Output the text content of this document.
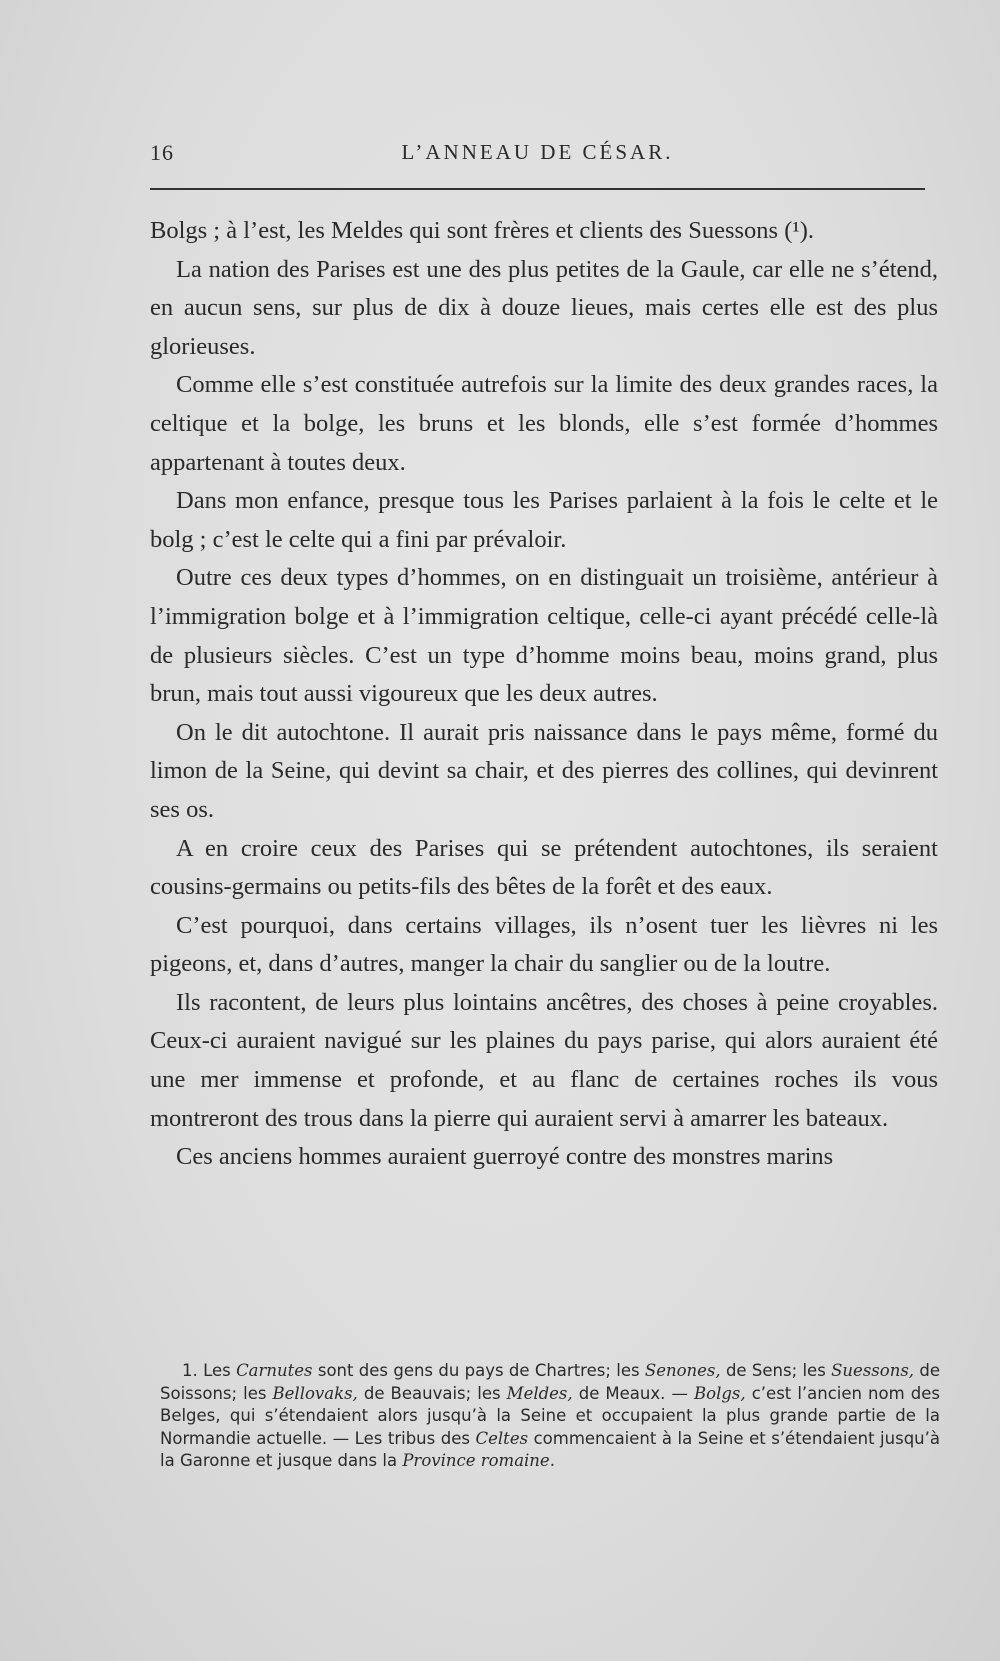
16	L’ANNEAU DE CÉSAR.

Bolgs ; à l’est, les Meldes qui sont frères et clients des Suessons (¹).

La nation des Parises est une des plus petites de la Gaule, car elle ne s’étend, en aucun sens, sur plus de dix à douze lieues, mais certes elle est des plus glorieuses.

Comme elle s’est constituée autrefois sur la limite des deux grandes races, la celtique et la bolge, les bruns et les blonds, elle s’est formée d’hommes appartenant à toutes deux.

Dans mon enfance, presque tous les Parises parlaient à la fois le celte et le bolg ; c’est le celte qui a fini par prévaloir.

Outre ces deux types d’hommes, on en distinguait un troisième, antérieur à l’immigration bolge et à l’immigration celtique, celle-ci ayant précédé celle-là de plusieurs siècles. C’est un type d’homme moins beau, moins grand, plus brun, mais tout aussi vigoureux que les deux autres.

On le dit autochtone. Il aurait pris naissance dans le pays même, formé du limon de la Seine, qui devint sa chair, et des pierres des collines, qui devinrent ses os.

A en croire ceux des Parises qui se prétendent autochtones, ils seraient cousins-germains ou petits-fils des bêtes de la forêt et des eaux.

C’est pourquoi, dans certains villages, ils n’osent tuer les lièvres ni les pigeons, et, dans d’autres, manger la chair du sanglier ou de la loutre.

Ils racontent, de leurs plus lointains ancêtres, des choses à peine croyables. Ceux-ci auraient navigué sur les plaines du pays parise, qui alors auraient été une mer immense et profonde, et au flanc de certaines roches ils vous montreront des trous dans la pierre qui auraient servi à amarrer les bateaux.

Ces anciens hommes auraient guerroyé contre des monstres marins

1. Les Carnutes sont des gens du pays de Chartres; les Senones, de Sens; les Suessons, de Soissons; les Bellovaks, de Beauvais; les Meldes, de Meaux. — Bolgs, c’est l’ancien nom des Belges, qui s’étendaient alors jusqu’à la Seine et occupaient la plus grande partie de la Normandie actuelle. — Les tribus des Celtes commencaient à la Seine et s’étendaient jusqu’à la Garonne et jusque dans la Province romaine.
